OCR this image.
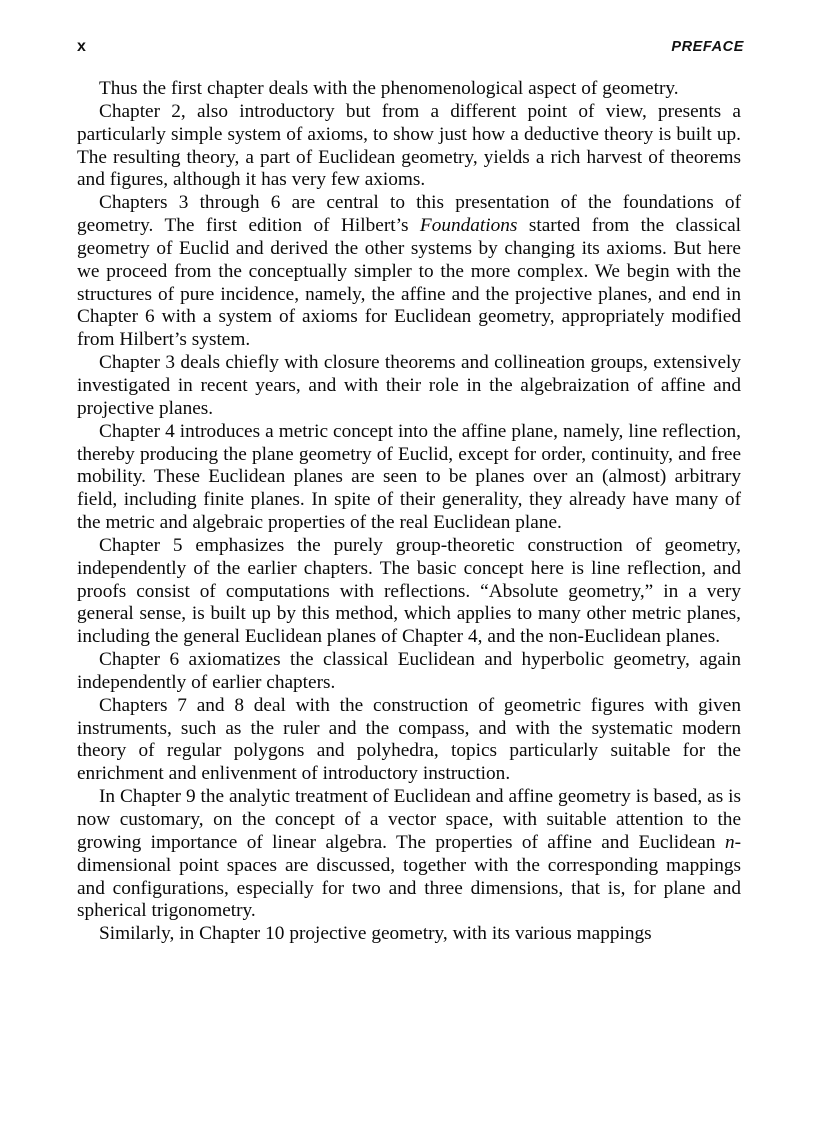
x	PREFACE

Thus the first chapter deals with the phenomenological aspect of geometry.

Chapter 2, also introductory but from a different point of view, presents a particularly simple system of axioms, to show just how a deductive theory is built up. The resulting theory, a part of Euclidean geometry, yields a rich harvest of theorems and figures, although it has very few axioms.

Chapters 3 through 6 are central to this presentation of the foundations of geometry. The first edition of Hilbert’s Foundations started from the classical geometry of Euclid and derived the other systems by changing its axioms. But here we proceed from the conceptually simpler to the more complex. We begin with the structures of pure incidence, namely, the affine and the projective planes, and end in Chapter 6 with a system of axioms for Euclidean geometry, appropriately modified from Hilbert’s system.

Chapter 3 deals chiefly with closure theorems and collineation groups, extensively investigated in recent years, and with their role in the algebraization of affine and projective planes.

Chapter 4 introduces a metric concept into the affine plane, namely, line reflection, thereby producing the plane geometry of Euclid, except for order, continuity, and free mobility. These Euclidean planes are seen to be planes over an (almost) arbitrary field, including finite planes. In spite of their generality, they already have many of the metric and algebraic properties of the real Euclidean plane.

Chapter 5 emphasizes the purely group-theoretic construction of geometry, independently of the earlier chapters. The basic concept here is line reflection, and proofs consist of computations with reflections. “Absolute geometry,” in a very general sense, is built up by this method, which applies to many other metric planes, including the general Euclidean planes of Chapter 4, and the non-Euclidean planes.

Chapter 6 axiomatizes the classical Euclidean and hyperbolic geometry, again independently of earlier chapters.

Chapters 7 and 8 deal with the construction of geometric figures with given instruments, such as the ruler and the compass, and with the systematic modern theory of regular polygons and polyhedra, topics particularly suitable for the enrichment and enlivenment of introductory instruction.

In Chapter 9 the analytic treatment of Euclidean and affine geometry is based, as is now customary, on the concept of a vector space, with suitable attention to the growing importance of linear algebra. The properties of affine and Euclidean n-dimensional point spaces are discussed, together with the corresponding mappings and configurations, especially for two and three dimensions, that is, for plane and spherical trigonometry.

Similarly, in Chapter 10 projective geometry, with its various mappings
